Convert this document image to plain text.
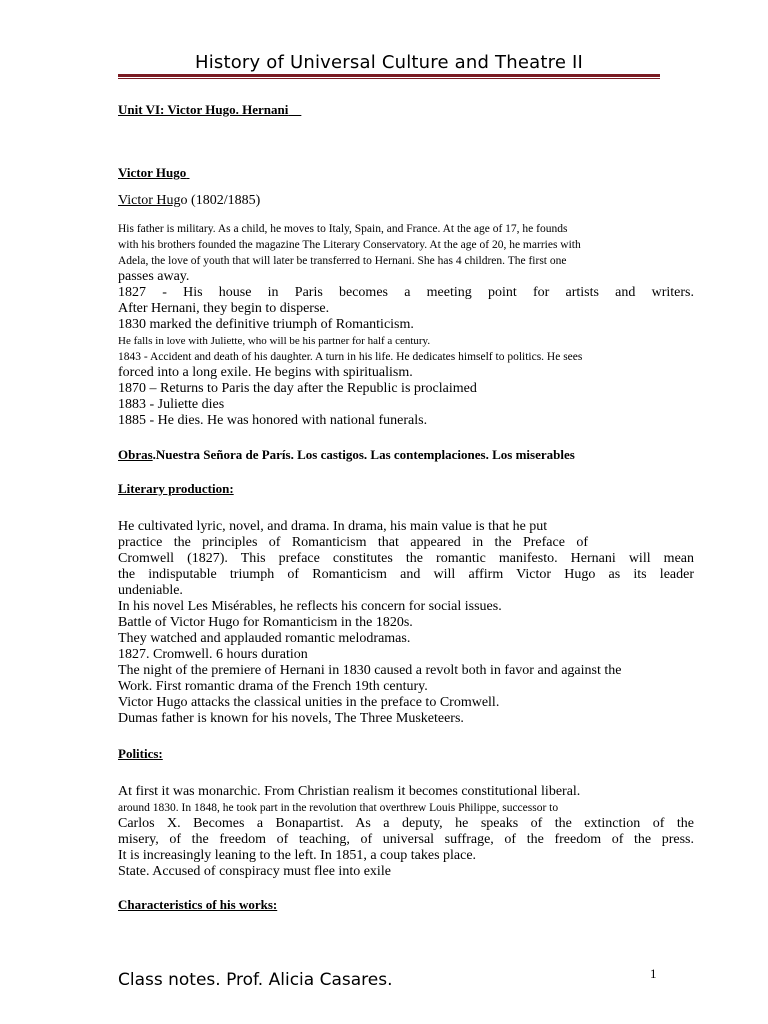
History of Universal Culture and Theatre II

Unit VI: Victor Hugo. Hernani

Victor Hugo

Victor Hugo (1802/1885)

His father is military. As a child, he moves to Italy, Spain, and France. At the age of 17, he founds

with his brothers founded the magazine The Literary Conservatory. At the age of 20, he marries with

Adela, the love of youth that will later be transferred to Hernani. She has 4 children. The first one

passes away.

1827 - His house in Paris becomes a meeting point for artists and writers.

After Hernani, they begin to disperse.

1830 marked the definitive triumph of Romanticism.

He falls in love with Juliette, who will be his partner for half a century.

1843 - Accident and death of his daughter. A turn in his life. He dedicates himself to politics. He sees

forced into a long exile. He begins with spiritualism.

1870 – Returns to Paris the day after the Republic is proclaimed

1883 - Juliette dies

1885 - He dies. He was honored with national funerals.

Obras.Nuestra Señora de París. Los castigos. Las contemplaciones. Los miserables

Literary production:

He cultivated lyric, novel, and drama. In drama, his main value is that he put

practice the principles of Romanticism that appeared in the Preface of

Cromwell (1827). This preface constitutes the romantic manifesto. Hernani will mean

the indisputable triumph of Romanticism and will affirm Victor Hugo as its leader

undeniable.

In his novel Les Misérables, he reflects his concern for social issues.

Battle of Victor Hugo for Romanticism in the 1820s.

They watched and applauded romantic melodramas.

1827. Cromwell. 6 hours duration

The night of the premiere of Hernani in 1830 caused a revolt both in favor and against the

Work. First romantic drama of the French 19th century.

Victor Hugo attacks the classical unities in the preface to Cromwell.

Dumas father is known for his novels, The Three Musketeers.

Politics:

At first it was monarchic. From Christian realism it becomes constitutional liberal.

around 1830. In 1848, he took part in the revolution that overthrew Louis Philippe, successor to

Carlos X. Becomes a Bonapartist. As a deputy, he speaks of the extinction of the

misery, of the freedom of teaching, of universal suffrage, of the freedom of the press.

It is increasingly leaning to the left. In 1851, a coup takes place.

State. Accused of conspiracy must flee into exile

Characteristics of his works:

Class notes. Prof. Alicia Casares.	1
